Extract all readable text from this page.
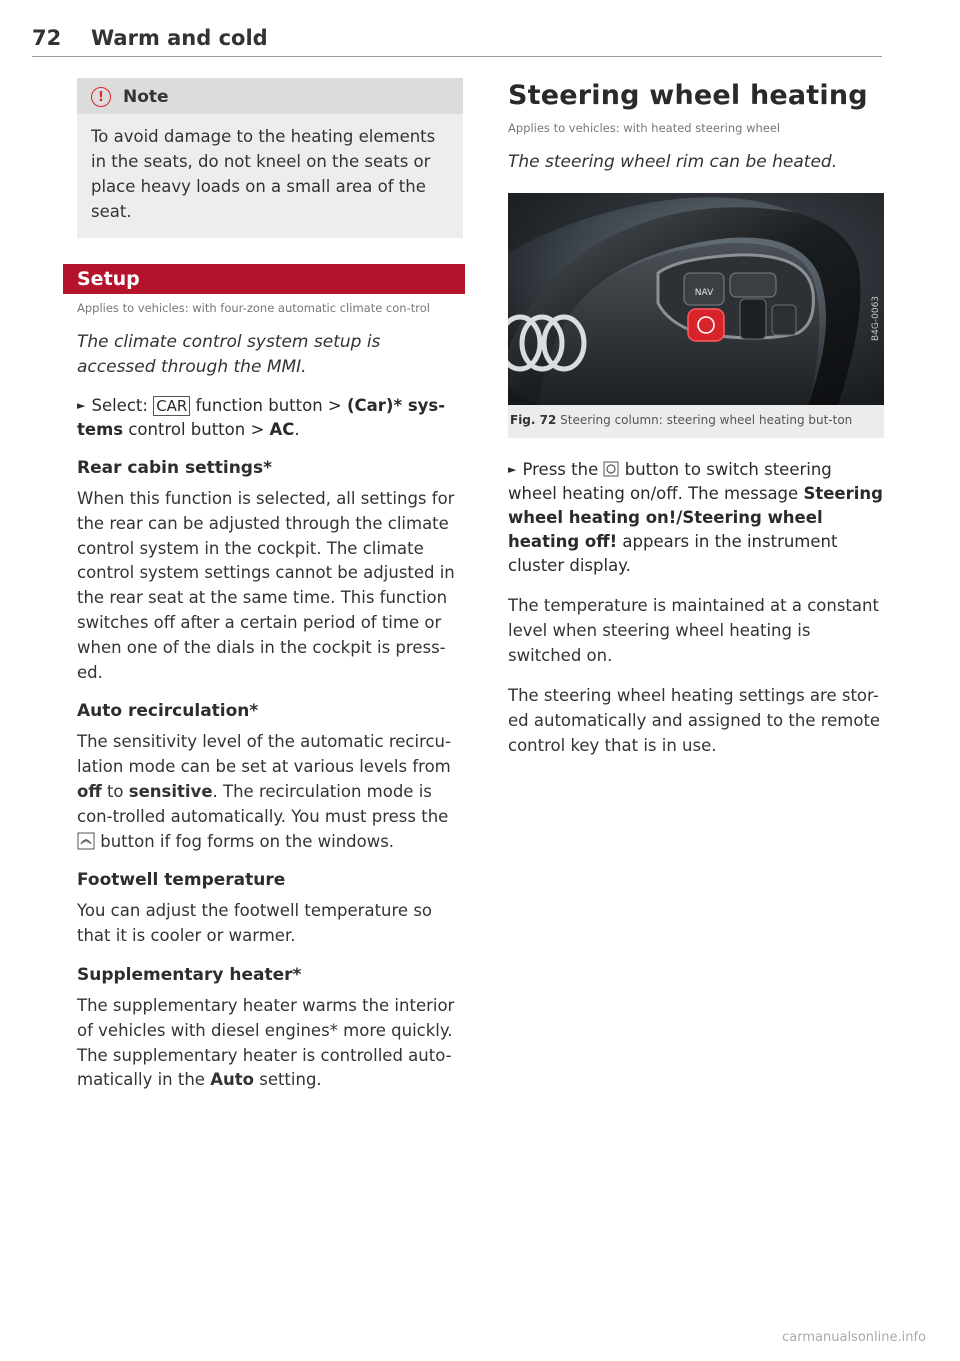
72 Warm and cold
!	Note

To avoid damage to the heating elements in the seats, do not kneel on the seats or place heavy loads on a small area of the seat.

Setup

Applies to vehicles: with four-zone automatic climate con-trol

The climate control system setup is accessed through the MMI.

► Select: CAR function button > (Car)* sys-tems control button > AC.

Rear cabin settings*

When this function is selected, all settings for the rear can be adjusted through the climate control system in the cockpit. The climate control system settings cannot be adjusted in the rear seat at the same time. This function switches off after a certain period of time or when one of the dials in the cockpit is press-ed.

Auto recirculation*

The sensitivity level of the automatic recircu-lation mode can be set at various levels from off to sensitive. The recirculation mode is con-trolled automatically. You must press the  button if fog forms on the windows.

Footwell temperature

You can adjust the footwell temperature so that it is cooler or warmer.

Supplementary heater*

The supplementary heater warms the interior of vehicles with diesel engines* more quickly. The supplementary heater is controlled auto-matically in the Auto setting.

Steering wheel heating

Applies to vehicles: with heated steering wheel

The steering wheel rim can be heated.

NAV
B4G-0063
Fig. 72 Steering column: steering wheel heating but-ton

► Press the button to switch steering wheel heating on/off. The message Steering wheel heating on!/Steering wheel heating off! appears in the instrument cluster display.

The temperature is maintained at a constant level when steering wheel heating is switched on.

The steering wheel heating settings are stor-ed automatically and assigned to the remote control key that is in use.

carmanualsonline.info
